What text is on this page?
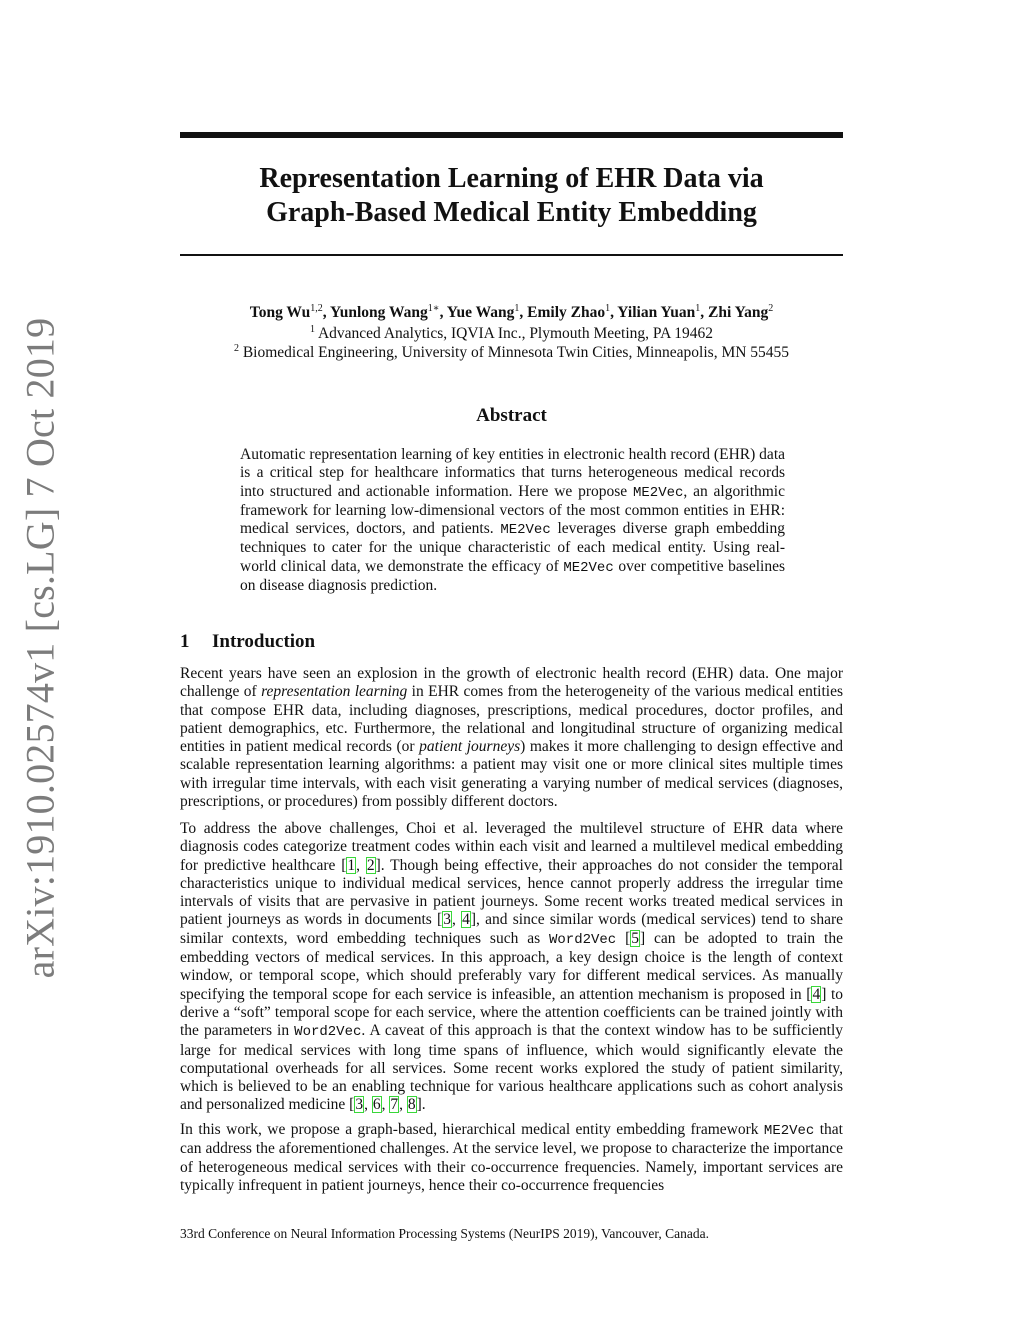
arXiv:1910.02574v1 [cs.LG] 7 Oct 2019
Representation Learning of EHR Data via
Graph-Based Medical Entity Embedding

Tong Wu$^{1,2}$, Yunlong Wang$^{1∗}$, Yue Wang$^1$, Emily Zhao$^1$, Yilian Yuan$^1$, Zhi Yang$^2$

$^1$ Advanced Analytics, IQVIA Inc., Plymouth Meeting, PA 19462

$^2$ Biomedical Engineering, University of Minnesota Twin Cities, Minneapolis, MN 55455

Abstract

Automatic representation learning of key entities in electronic health record (EHR) data is a critical step for healthcare informatics that turns heterogeneous medical records into structured and actionable information. Here we propose ME2Vec, an algorithmic framework for learning low-dimensional vectors of the most common entities in EHR: medical services, doctors, and patients. ME2Vec leverages diverse graph embedding techniques to cater for the unique characteristic of each medical entity. Using real-world clinical data, we demonstrate the efficacy of ME2Vec over competitive baselines on disease diagnosis prediction.

1 Introduction

Recent years have seen an explosion in the growth of electronic health record (EHR) data. One major challenge of representation learning in EHR comes from the heterogeneity of the various medical entities that compose EHR data, including diagnoses, prescriptions, medical procedures, doctor profiles, and patient demographics, etc. Furthermore, the relational and longitudinal structure of organizing medical entities in patient medical records (or patient journeys) makes it more challenging to design effective and scalable representation learning algorithms: a patient may visit one or more clinical sites multiple times with irregular time intervals, with each visit generating a varying number of medical services (diagnoses, prescriptions, or procedures) from possibly different doctors.

To address the above challenges, Choi et al. leveraged the multilevel structure of EHR data where diagnosis codes categorize treatment codes within each visit and learned a multilevel medical embedding for predictive healthcare [1, 2]. Though being effective, their approaches do not consider the temporal characteristics unique to individual medical services, hence cannot properly address the irregular time intervals of visits that are pervasive in patient journeys. Some recent works treated medical services in patient journeys as words in documents [3, 4], and since similar words (medical services) tend to share similar contexts, word embedding techniques such as Word2Vec [5] can be adopted to train the embedding vectors of medical services. In this approach, a key design choice is the length of context window, or temporal scope, which should preferably vary for different medical services. As manually specifying the temporal scope for each service is infeasible, an attention mechanism is proposed in [4] to derive a “soft” temporal scope for each service, where the attention coefficients can be trained jointly with the parameters in Word2Vec. A caveat of this approach is that the context window has to be sufficiently large for medical services with long time spans of influence, which would significantly elevate the computational overheads for all services. Some recent works explored the study of patient similarity, which is believed to be an enabling technique for various healthcare applications such as cohort analysis and personalized medicine [3, 6, 7, 8].

In this work, we propose a graph-based, hierarchical medical entity embedding framework ME2Vec that can address the aforementioned challenges. At the service level, we propose to characterize the importance of heterogeneous medical services with their co-occurrence frequencies. Namely, important services are typically infrequent in patient journeys, hence their co-occurrence frequencies

33rd Conference on Neural Information Processing Systems (NeurIPS 2019), Vancouver, Canada.
